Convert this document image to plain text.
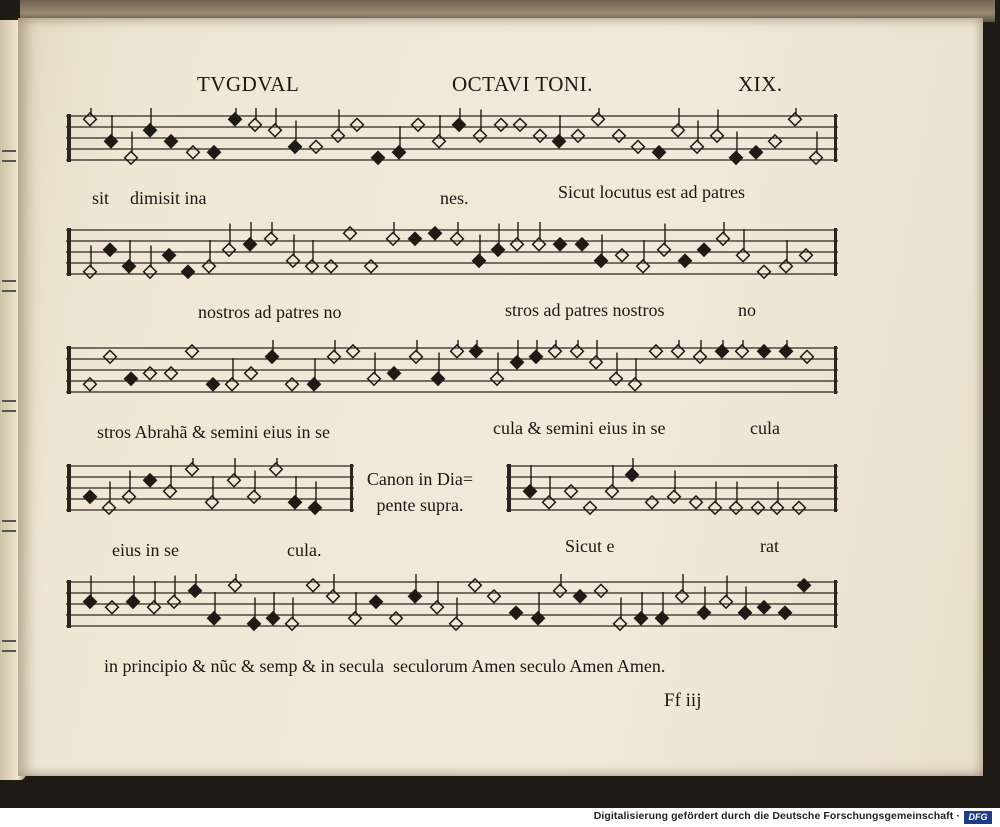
TVGDVAL	OCTAVI TONI.	XIX.
sit dimisit ina	nes.	Sicut locutus est ad patres
nostros ad patres no	stros ad patres nostros	no
stros Abrahã & semini eius in se	cula & semini eius in se	cula
Canon in Dia=
pente supra.
eius in se	cula.	Sicut e	rat
in principio & nũc & semp & in secula  seculorum Amen seculo Amen Amen.
Ff iij
Digitalisierung gefördert durch die Deutsche Forschungsgemeinschaft · DFG
